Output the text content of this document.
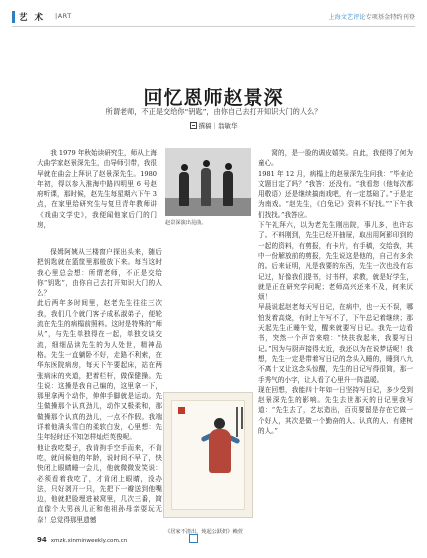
艺 术 |ART	上海文艺评论专项基金特约刊登
回忆恩师赵景深
所谓老师，不正是交给你“钥匙”，由你自己去打开知识大门的人么？
撰稿｜翁敏华

我 1979 年秋始读研究生，师从上海大曲学家赵景深先生，由导师引带，我很早就在曲会上拜识了赵景深先生。1980 年初，得以参入淮海中路四明里 6 号赵府听课，那时候，赵先生每星期六下午 3 点，在家里给研究生与复旦青年教师讲《戏曲文学史》，我便闻他家后门的门房，

保姆阿姨从三楼窗户探出头来，随后把钥匙就在篮筐里那般放下来。每当这时我心里总会想：所谓老师，不正是交给你“钥匙”，由你自己去打开知识大门的人么？
此后两年多时间里，赵老先生往往三次我，我们几个就门客子成私淑弟子，便轮流在先生的病榻前照料。这时是特殊的“师从”，与先生单独得在一起，单独交谈交流，细细品读先生的为人处世，精神品格。先生一直躺卧不好，走路不利索，在华东医院病房，每天下午要起床，站在两张病床的夹道，把着栏杆，做保健操。先生说：这操是我自己编的，这里拿一下，那里拿两个动作，伸伸手脚就是运动。先生做操那个认真劲儿，动作又极柔和，那做操那个认真的劲儿，一点不作假。我端详着他满头雪白的柔软白发，心里想：先生年轻时还不知怎样灿烂英俊呢。
他让我吃梨子，我肯拘手空手而来，不肯吃，就问候他的年龄，说时间不早了，快快闭上眼睛睡一会儿，他就微微发笑说：必须看着我吃了，才肯闭上眼睛，没办法，只好剥开一只，先把下一瓣送到他嘴边，他就把脸埋进被窝里，几次三番，简直像个大男孩儿正和他祖孙母亲耍玩无奈！总觉得那里遗憾

窝的，是一脸的调皮嬉笑。自此，我便得了何为童心。
1981 年 12 月，病榻上的赵景深先生问我：“毕业论文题目定了吗？”我答：还没有。“我看您（他每次都用敬语）还是继续搞南戏吧，有一定基础了。”于是定为南戏。“赵先生，《白兔记》资料不好找。”“下午我们找找。”我答应。
下午礼拜六，以为老先生刚出院，事儿多，也许忘了。不料刚到，先生已经开抽屉，取出用阿影印到的一起的资料，有剪报，有卡片，有手稿，交给我，其中一份解放前的剪报，先生说这是他的，自己有多余的。后来证明，凡是我要的东西，先生一次也没有忘记过，好像我们提书，讨书样，求教，就是好学生，就是正在研究学问呢；老师高兴还来不及，何来厌烦！
早晨说起赵老每天写日记，在病中，也一天不误，哪怕发着高烧，有时上午写不了，下午总记着继续；那天起先生正睡午觉，醒来就要写日记。我先一边看书，突然一个声音来啦：“快扶我起来，我要写日记。”因为与厨声接得太近，我还以为在说梦话呢！我想，先生一定是带着写日记的念头入睡的，睡到八九不离十又让这念头惊醒，先生的日记写得很简，那一手秀气的小字，让人看了心里升一阵温暖。
现在回想，我能四十年如一日坚持写日记，多少受到赵景深先生的影响。先生去世那天的日记里我写道：“先生去了，艺坛造出，百页要留是存在它做一个好人，其次是做一个勤奋的人、认真的人、有建树的人。”

赵景深演出昆曲。
《居家不清出，炖起公跃奶》赖萱
94 xmzk.xinminweekly.com.cn
